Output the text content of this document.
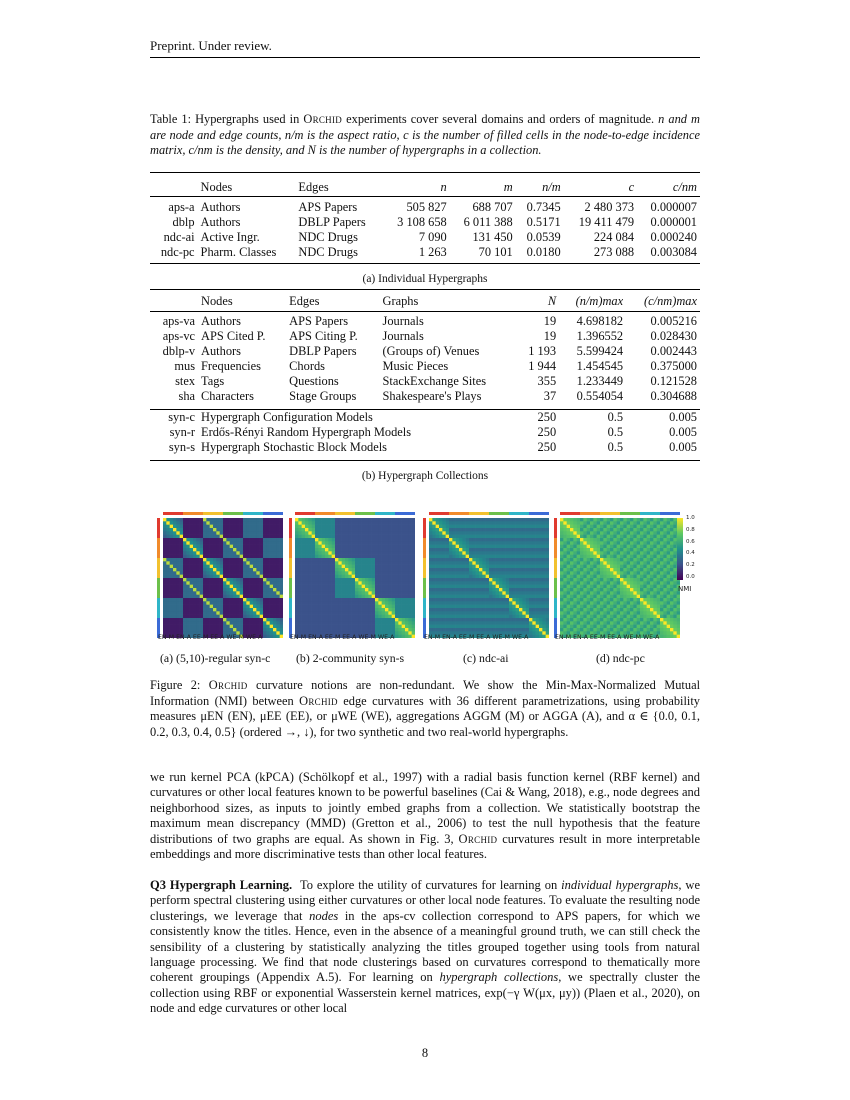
Preprint. Under review.
Table 1: Hypergraphs used in Orchid experiments cover several domains and orders of magnitude. n and m are node and edge counts, n/m is the aspect ratio, c is the number of filled cells in the node-to-edge incidence matrix, c/nm is the density, and N is the number of hypergraphs in a collection.
	Nodes	Edges	n	m	n/m	c	c/nm

aps-a	Authors	APS Papers	505 827	688 707	0.7345	2 480 373	0.000007
dblp	Authors	DBLP Papers	3 108 658	6 011 388	0.5171	19 411 479	0.000001
ndc-ai	Active Ingr.	NDC Drugs	7 090	131 450	0.0539	224 084	0.000240
ndc-pc	Pharm. Classes	NDC Drugs	1 263	70 101	0.0180	273 088	0.003084
(a) Individual Hypergraphs
	Nodes	Edges	Graphs	N	(n/m)max	(c/nm)max

aps-va	Authors	APS Papers	Journals	19	4.698182	0.005216
aps-vc	APS Cited P.	APS Citing P.	Journals	19	1.396552	0.028430
dblp-v	Authors	DBLP Papers	(Groups of) Venues	1 193	5.599424	0.002443
mus	Frequencies	Chords	Music Pieces	1 944	1.454545	0.375000
stex	Tags	Questions	StackExchange Sites	355	1.233449	0.121528
sha	Characters	Stage Groups	Shakespeare's Plays	37	0.554054	0.304688

syn-c	Hypergraph Configuration Models			250	0.5	0.005
syn-r	Erdős-Rényi Random Hypergraph Models			250	0.5	0.005
syn-s	Hypergraph Stochastic Block Models			250	0.5	0.005
(b) Hypergraph Collections
EN-M EN-A EE-M EE-A WE-M WE-A	EN-M EN-A EE-M EE-A WE-M WE-A	EN-M EN-A EE-M EE-A WE-M WE-A	EN-M EN-A EE-M EE-A WE-M WE-A
1.0
0.8
0.6
0.4
0.2
0.0
NMI
(a) (5,10)-regular syn-c (b) 2-community syn-s	(c) ndc-ai	(d) ndc-pc
Figure 2: Orchid curvature notions are non-redundant. We show the Min-Max-Normalized Mutual Information (NMI) between Orchid edge curvatures with 36 different parametrizations, using probability measures μEN (EN), μEE (EE), or μWE (WE), aggregations AGGM (M) or AGGA (A), and α ∈ {0.0, 0.1, 0.2, 0.3, 0.4, 0.5} (ordered →, ↓), for two synthetic and two real-world hypergraphs.
we run kernel PCA (kPCA) (Schölkopf et al., 1997) with a radial basis function kernel (RBF kernel) and curvatures or other local features known to be powerful baselines (Cai & Wang, 2018), e.g., node degrees and neighborhood sizes, as inputs to jointly embed graphs from a collection. We statistically bootstrap the maximum mean discrepancy (MMD) (Gretton et al., 2006) to test the null hypothesis that the feature distributions of two graphs are equal. As shown in Fig. 3, Orchid curvatures result in more interpretable embeddings and more discriminative tests than other local features.
Q3 Hypergraph Learning. To explore the utility of curvatures for learning on individual hypergraphs, we perform spectral clustering using either curvatures or other local node features. To evaluate the resulting node clusterings, we leverage that nodes in the aps-cv collection correspond to APS papers, for which we consistently know the titles. Hence, even in the absence of a meaningful ground truth, we can still check the sensibility of a clustering by statistically analyzing the titles grouped together using tools from natural language processing. We find that node clusterings based on curvatures correspond to thematically more coherent groupings (Appendix A.5). For learning on hypergraph collections, we spectrally cluster the collection using RBF or exponential Wasserstein kernel matrices, exp(−γ W(μx, μy)) (Plaen et al., 2020), on node and edge curvatures or other local
8
